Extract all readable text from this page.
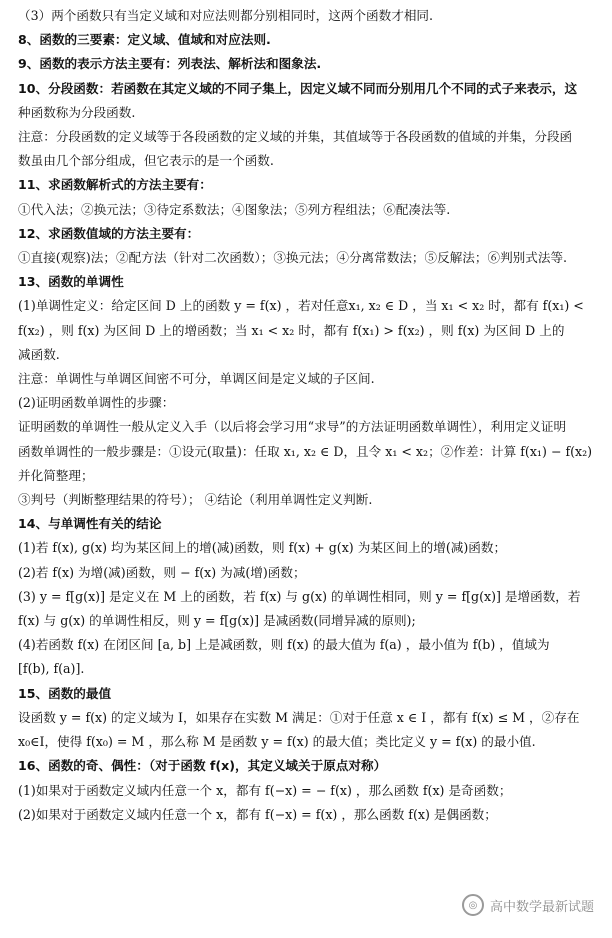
（3）两个函数只有当定义域和对应法则都分别相同时，这两个函数才相同.
8、函数的三要素：定义域、值域和对应法则.
9、函数的表示方法主要有：列表法、解析法和图象法.
10、分段函数：若函数在其定义域的不同子集上，因定义域不同而分别用几个不同的式子来表示，这
种函数称为分段函数.
注意：分段函数的定义域等于各段函数的定义域的并集，其值域等于各段函数的值域的并集，分段函
数虽由几个部分组成，但它表示的是一个函数.
11、求函数解析式的方法主要有：
①代入法；②换元法；③待定系数法；④图象法；⑤列方程组法；⑥配凑法等.
12、求函数值域的方法主要有：
①直接(观察)法；②配方法（针对二次函数）；③换元法；④分离常数法；⑤反解法；⑥判别式法等.
13、函数的单调性
(1)单调性定义：给定区间 D 上的函数 y = f(x) ，若对任意x₁, x₂ ∈ D ，当 x₁ < x₂ 时，都有 f(x₁) <
f(x₂) ，则 f(x) 为区间 D 上的增函数；当 x₁ < x₂ 时，都有 f(x₁) > f(x₂) ，则 f(x) 为区间 D 上的
减函数.
注意：单调性与单调区间密不可分，单调区间是定义域的子区间.
(2)证明函数单调性的步骤：
证明函数的单调性一般从定义入手（以后将会学习用“求导”的方法证明函数单调性），利用定义证明
函数单调性的一般步骤是：①设元(取量)：任取 x₁, x₂ ∈ D，且令 x₁ < x₂；②作差：计算 f(x₁) − f(x₂)
并化简整理；
③判号（判断整理结果的符号）； ④结论（利用单调性定义判断.
14、与单调性有关的结论
(1)若 f(x), g(x) 均为某区间上的增(减)函数，则 f(x) + g(x) 为某区间上的增(减)函数；
(2)若 f(x) 为增(减)函数，则 − f(x) 为减(增)函数；
(3) y = f[g(x)] 是定义在 M 上的函数，若 f(x) 与 g(x) 的单调性相同，则 y = f[g(x)] 是增函数，若
f(x) 与 g(x) 的单调性相反，则 y = f[g(x)] 是减函数(同增异减的原则);
(4)若函数 f(x) 在闭区间 [a, b] 上是减函数，则 f(x) 的最大值为 f(a) ，最小值为 f(b) ，值域为
[f(b), f(a)].
15、函数的最值
设函数 y = f(x) 的定义域为 I，如果存在实数 M 满足：①对于任意 x ∈ I ，都有 f(x) ≤ M ，②存在
x₀∈I，使得 f(x₀) = M ，那么称 M 是函数 y = f(x) 的最大值；类比定义 y = f(x) 的最小值.
16、函数的奇、偶性：（对于函数 f(x)，其定义域关于原点对称）
(1)如果对于函数定义域内任意一个 x，都有 f(−x) = − f(x) ，那么函数 f(x) 是奇函数；
(2)如果对于函数定义域内任意一个 x，都有 f(−x) = f(x) ，那么函数 f(x) 是偶函数；
◎ 高中数学最新试题
